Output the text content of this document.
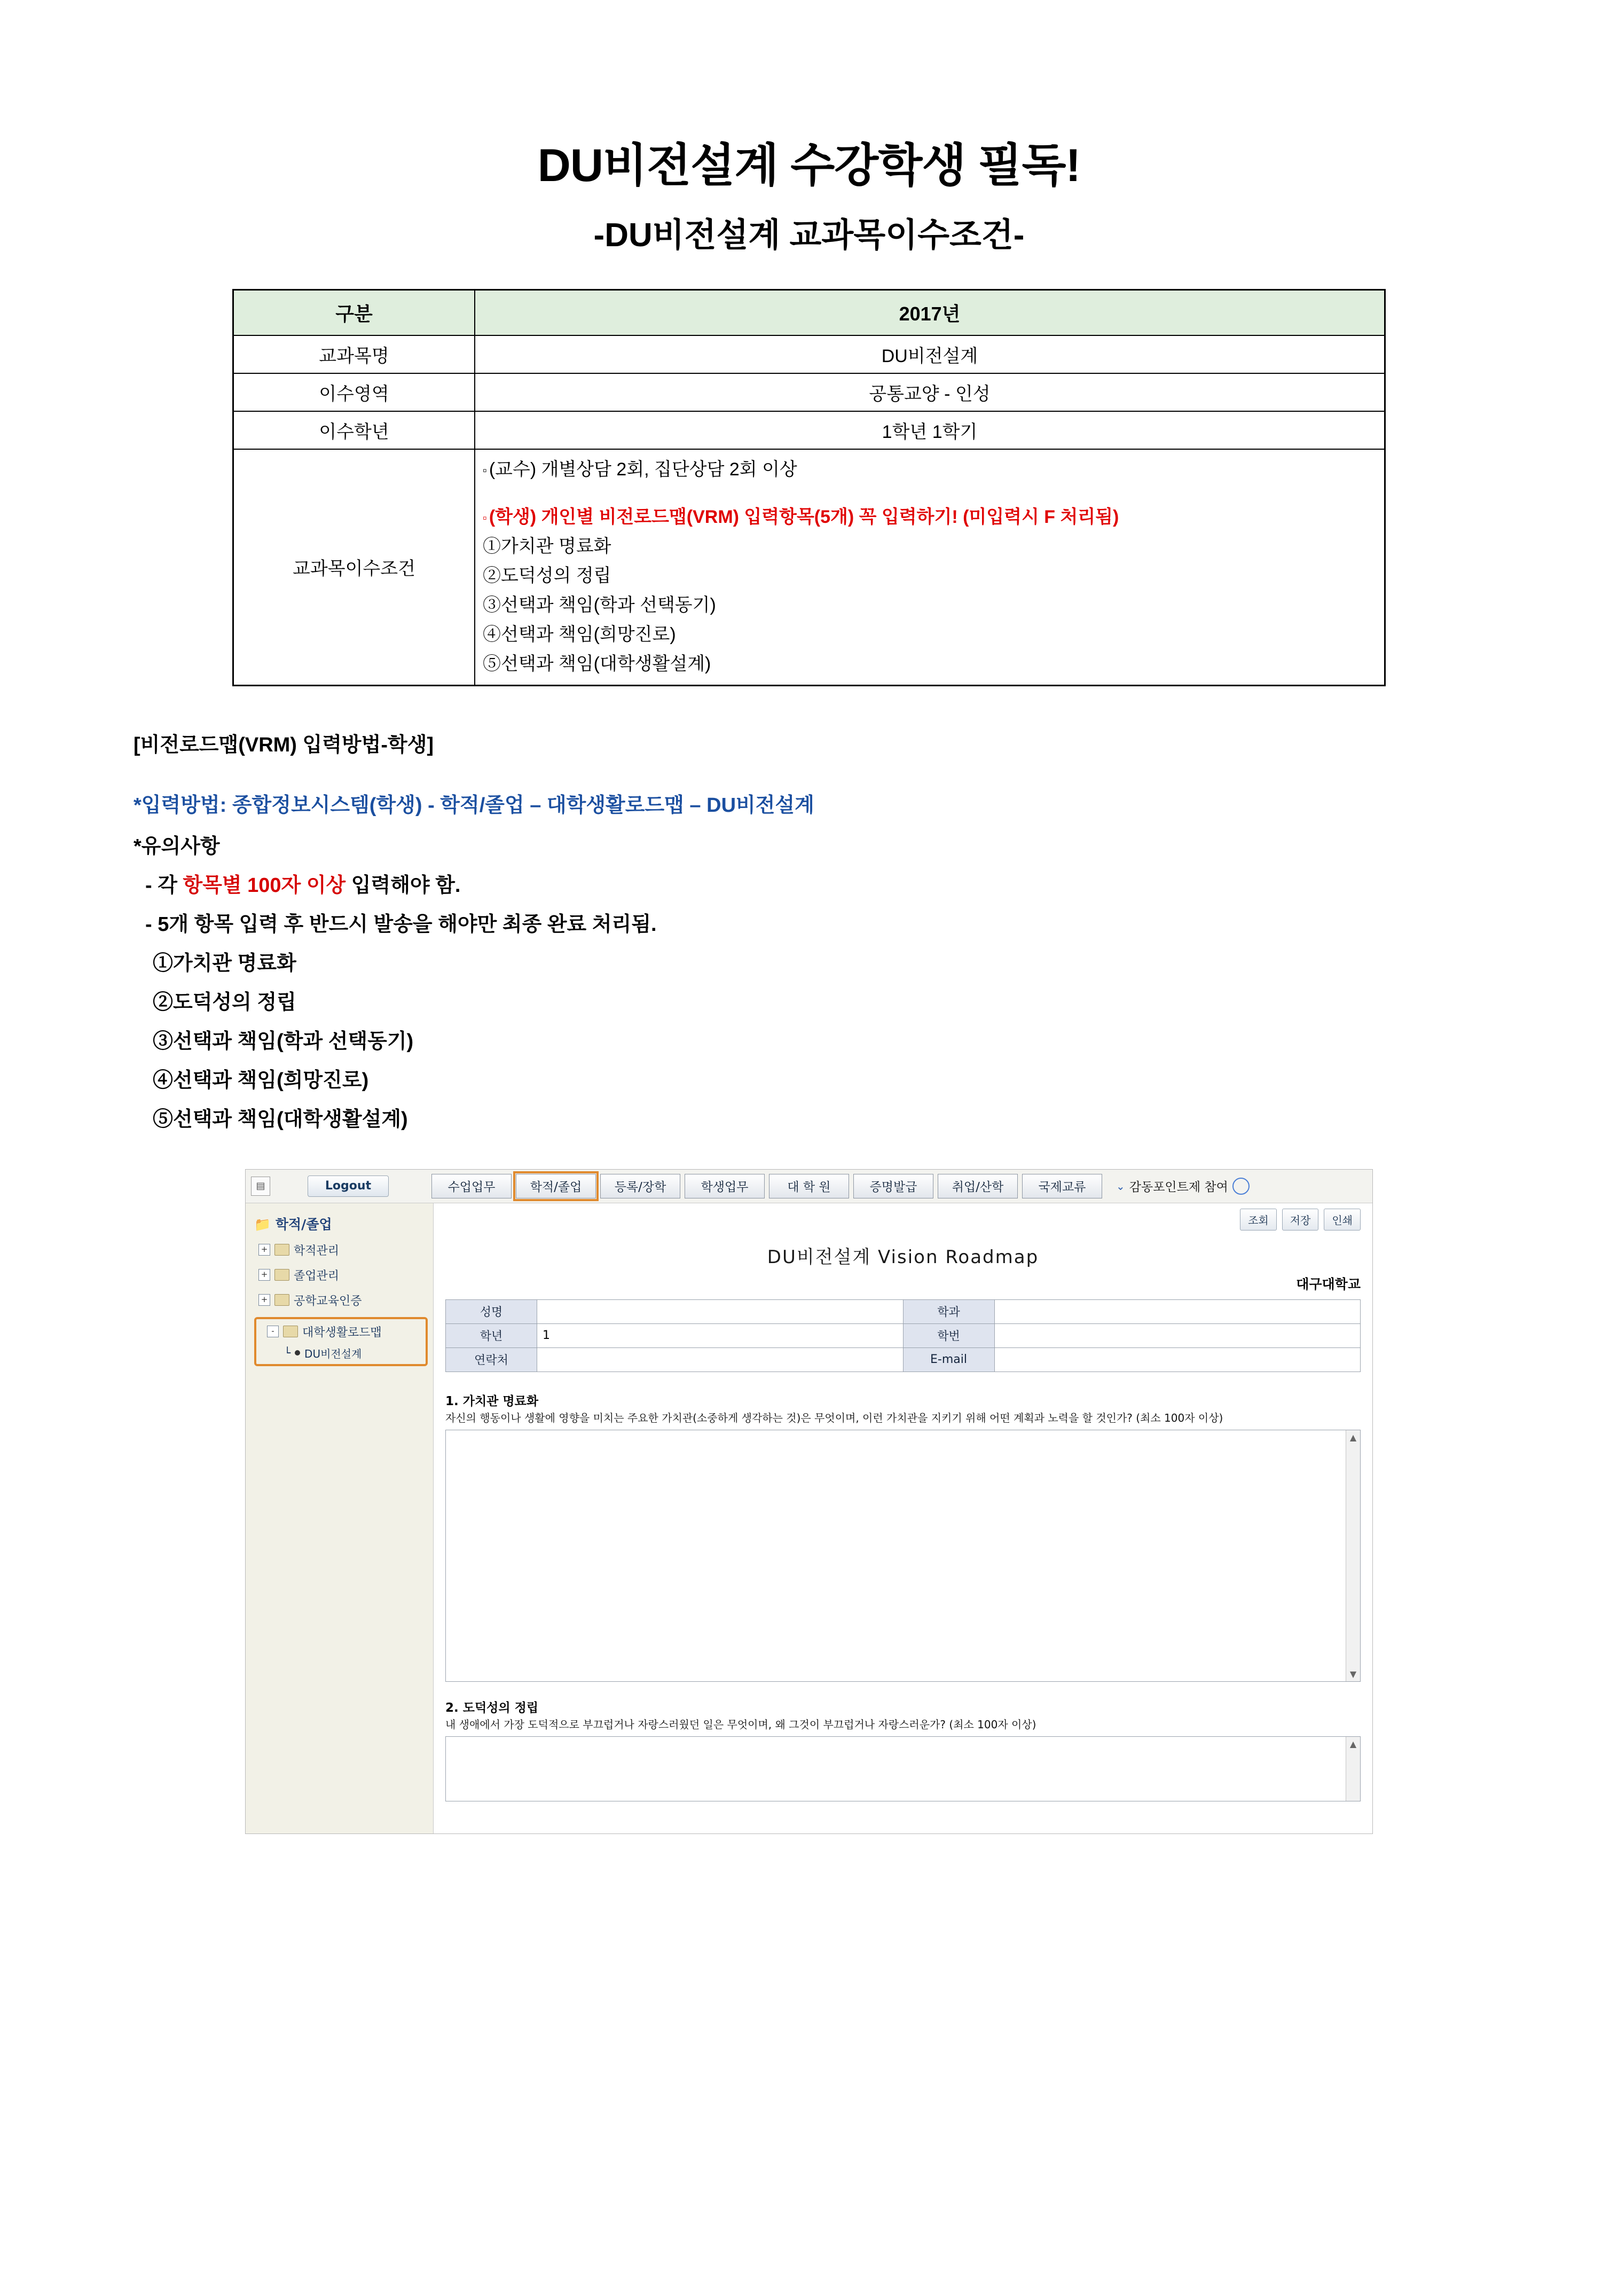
DU비전설계 수강학생 필독!
-DU비전설계 교과목이수조건-
구분	2017년
교과목명	DU비전설계
이수영역	공통교양 - 인성
이수학년	1학년 1학기
교과목이수조건	
▫ (교수) 개별상담 2회, 집단상담 2회 이상
▫ (학생) 개인별 비전로드맵(VRM) 입력항목(5개) 꼭 입력하기! (미입력시 F 처리됨)
①가치관 명료화
②도덕성의 정립
③선택과 책임(학과 선택동기)
④선택과 책임(희망진로)
⑤선택과 책임(대학생활설계)
[비전로드맵(VRM) 입력방법-학생]
*입력방법: 종합정보시스템(학생) - 학적/졸업 – 대학생활로드맵 – DU비전설계
*유의사항
- 각 항목별 100자 이상 입력해야 함.
- 5개 항목 입력 후 반드시 발송을 해야만 최종 완료 처리됨.
①가치관 명료화
②도덕성의 정립
③선택과 책임(학과 선택동기)
④선택과 책임(희망진로)
⑤선택과 책임(대학생활설계)
▤	Logout	수업업무	학적/졸업	등록/장학	학생업무	대 학 원	증명발급	취업/산학	국제교류	⌄ 감동포인트제 참여
📁 학적/졸업
+ 학적관리
+ 졸업관리
+ 공학교육인증
-	대학생활로드맵
└ DU비전설계
조회	저장	인쇄
DU비전설계 Vision Roadmap
대구대학교
성명		학과	
학년	1	학번	
연락처		E-mail	
1. 가치관 명료화
자신의 행동이나 생활에 영향을 미치는 주요한 가치관(소중하게 생각하는 것)은 무엇이며, 이런 가치관을 지키기 위해 어떤 계획과 노력을 할 것인가? (최소 100자 이상)
▲
▼
2. 도덕성의 정립
내 생애에서 가장 도덕적으로 부끄럽거나 자랑스러웠던 일은 무엇이며, 왜 그것이 부끄럽거나 자랑스러운가? (최소 100자 이상)
▲
